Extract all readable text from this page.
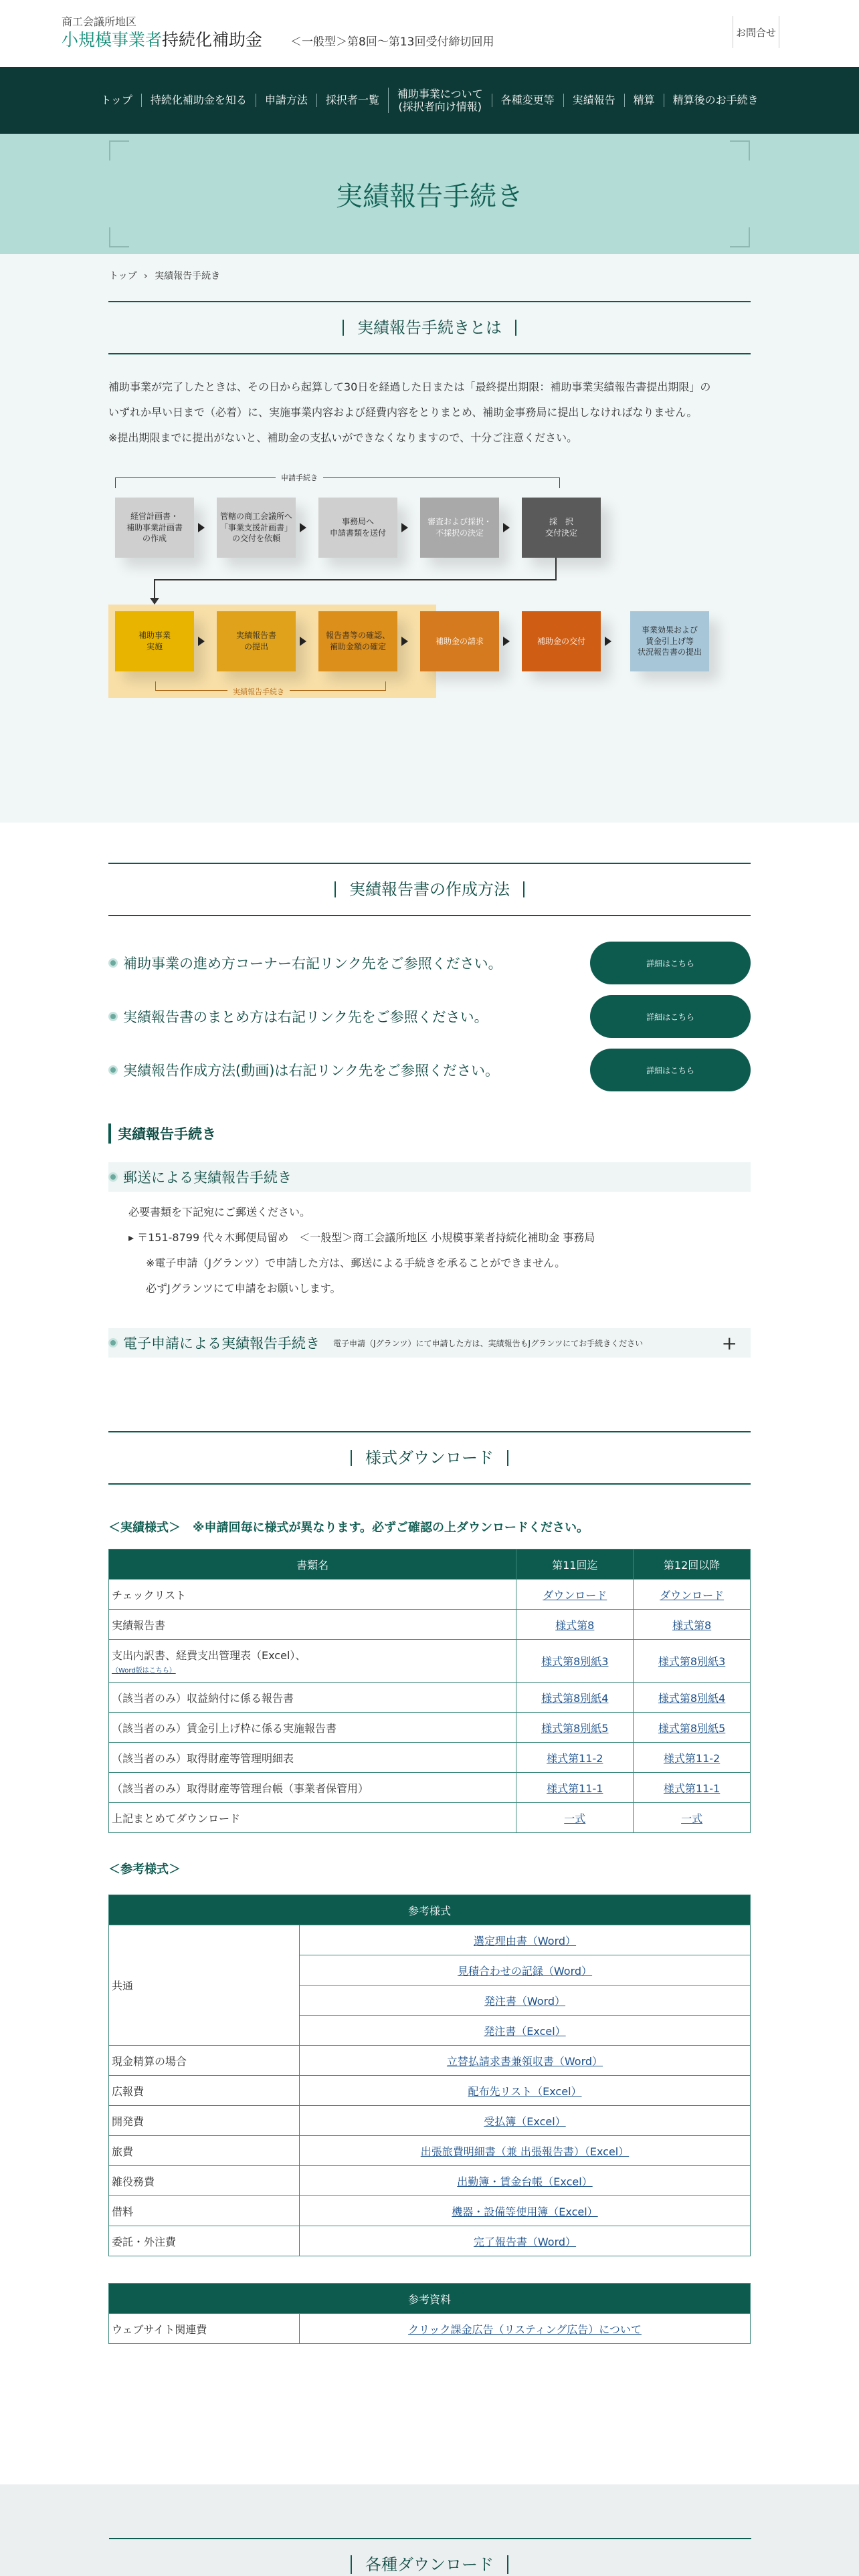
商工会議所地区
小規模事業者持続化補助金 ＜一般型＞第8回〜第13回受付締切回用
お問合せ
トップ	持続化補助金を知る	申請方法	採択者一覧
補助事業について
(採択者向け情報)
各種変更等	実績報告	精算	精算後のお手続き
実績報告手続き
トップ › 実績報告手続き
実績報告手続きとは
補助事業が完了したときは、その日から起算して30日を経過した日または「最終提出期限：補助事業実績報告書提出期限」の
いずれか早い日まで（必着）に、実施事業内容および経費内容をとりまとめ、補助金事務局に提出しなければなりません。
※提出期限までに提出がないと、補助金の支払いができなくなりますので、十分ご注意ください。
申請手続き
実績報告手続き
経営計画書・
補助事業計画書
の作成
管轄の商工会議所へ
「事業支援計画書」
の交付を依頼
事務局へ
申請書類を送付
審査および採択・
不採択の決定
採　択
交付決定
補助事業
実施
実績報告書
の提出
報告書等の確認、
補助金額の確定
補助金の請求	補助金の交付
事業効果および
賃金引上げ等
状況報告書の提出
実績報告書の作成方法
補助事業の進め方コーナー右記リンク先をご参照ください。	詳細はこちら
実績報告書のまとめ方は右記リンク先をご参照ください。	詳細はこちら
実績報告作成方法(動画)は右記リンク先をご参照ください。	詳細はこちら
実績報告手続き
郵送による実績報告手続き
必要書類を下記宛にご郵送ください。
▸ 〒151-8799 代々木郵便局留め　＜一般型＞商工会議所地区 小規模事業者持続化補助金 事務局
　※電子申請（Jグランツ）で申請した方は、郵送による手続きを承ることができません。
　必ずJグランツにて申請をお願いします。
電子申請による実績報告手続き 電子申請（Jグランツ）にて申請した方は、実績報告もJグランツにてお手続きください	+
様式ダウンロード
＜実績様式＞　 ※申請回毎に様式が異なります。必ずご確認の上ダウンロードください。
書類名	第11回迄	第12回以降

チェックリスト	ダウンロード	ダウンロード

実績報告書	様式第8	様式第8

支出内訳書、経費支出管理表（Excel）、
（Word版はこちら）	様式第8別紙3	様式第8別紙3

（該当者のみ）収益納付に係る報告書	様式第8別紙4	様式第8別紙4

（該当者のみ）賃金引上げ枠に係る実施報告書	様式第8別紙5	様式第8別紙5

（該当者のみ）取得財産等管理明細表	様式第11-2	様式第11-2

（該当者のみ）取得財産等管理台帳（事業者保管用）	様式第11-1	様式第11-1

上記まとめてダウンロード	一式	一式
＜参考様式＞
参考様式	
共通	選定理由書（Word）
	見積合わせの記録（Word）
	発注書（Word）
	発注書（Excel）
現金精算の場合	立替払請求書兼領収書（Word）
広報費	配布先リスト（Excel）
開発費	受払簿（Excel）
旅費	出張旅費明細書（兼 出張報告書）（Excel）
雑役務費	出勤簿・賃金台帳（Excel）
借料	機器・設備等使用簿（Excel）
委託・外注費	完了報告書（Word）
参考資料
ウェブサイト関連費	クリック課金広告（リスティング広告）について
各種ダウンロード
